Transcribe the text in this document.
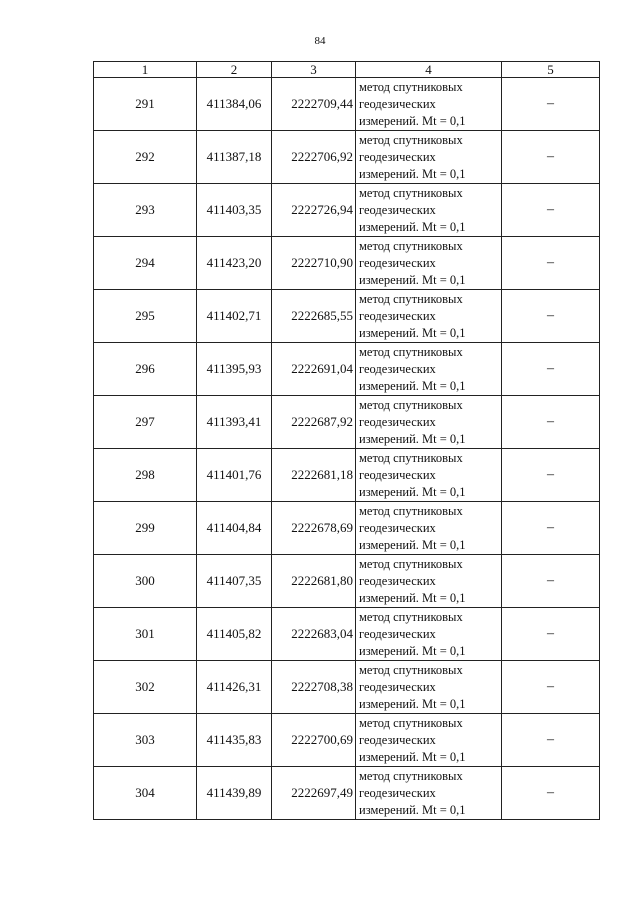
84
1	2	3	4	5
291	411384,06	2222709,44	метод спутниковых
геодезических
измерений. Mt = 0,1	–
292	411387,18	2222706,92	метод спутниковых
геодезических
измерений. Mt = 0,1	–
293	411403,35	2222726,94	метод спутниковых
геодезических
измерений. Mt = 0,1	–
294	411423,20	2222710,90	метод спутниковых
геодезических
измерений. Mt = 0,1	–
295	411402,71	2222685,55	метод спутниковых
геодезических
измерений. Mt = 0,1	–
296	411395,93	2222691,04	метод спутниковых
геодезических
измерений. Mt = 0,1	–
297	411393,41	2222687,92	метод спутниковых
геодезических
измерений. Mt = 0,1	–
298	411401,76	2222681,18	метод спутниковых
геодезических
измерений. Mt = 0,1	–
299	411404,84	2222678,69	метод спутниковых
геодезических
измерений. Mt = 0,1	–
300	411407,35	2222681,80	метод спутниковых
геодезических
измерений. Mt = 0,1	–
301	411405,82	2222683,04	метод спутниковых
геодезических
измерений. Mt = 0,1	–
302	411426,31	2222708,38	метод спутниковых
геодезических
измерений. Mt = 0,1	–
303	411435,83	2222700,69	метод спутниковых
геодезических
измерений. Mt = 0,1	–
304	411439,89	2222697,49	метод спутниковых
геодезических
измерений. Mt = 0,1	–
